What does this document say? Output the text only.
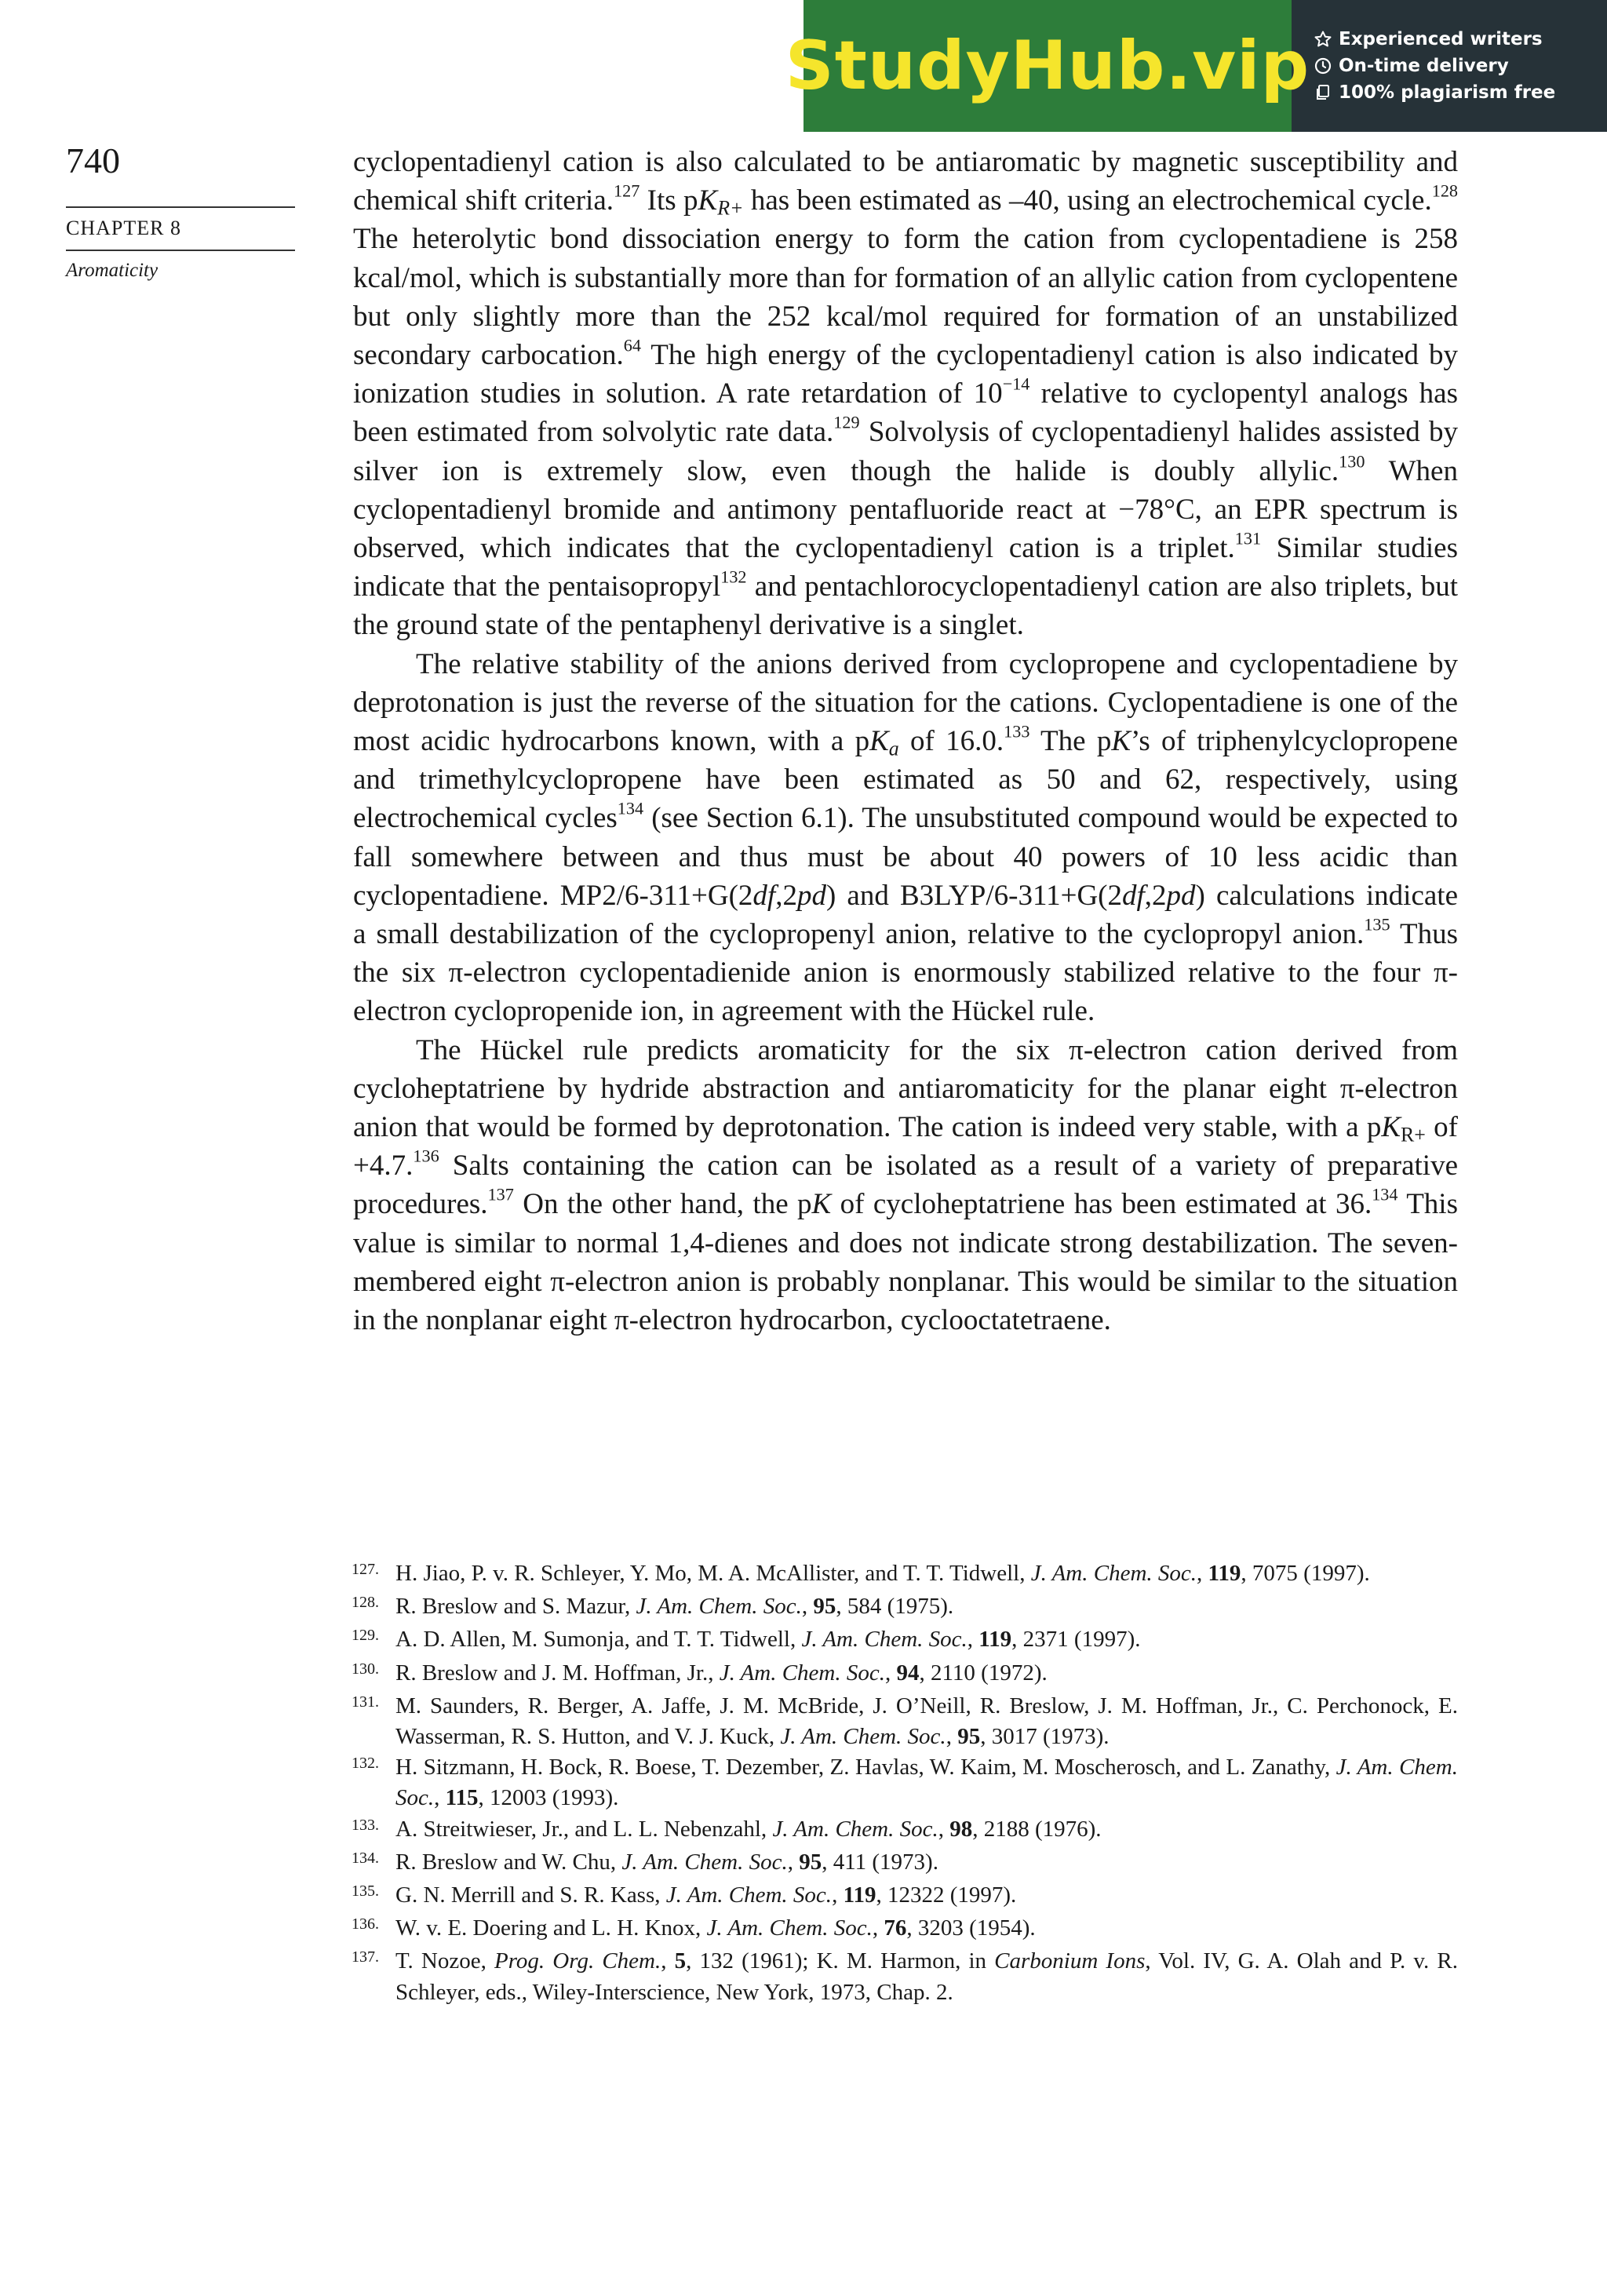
StudyHub.vip Experienced writers
On-time delivery
100% plagiarism free
740
CHAPTER 8
Aromaticity

cyclopentadienyl cation is also calculated to be antiaromatic by magnetic susceptibility and chemical shift criteria.$^{127}$ Its $pK_{R+}$ has been estimated as –40, using an electrochemical cycle.$^{128}$ The heterolytic bond dissociation energy to form the cation from cyclopentadiene is 258 kcal/mol, which is substantially more than for formation of an allylic cation from cyclopentene but only slightly more than the 252 kcal/mol required for formation of an unstabilized secondary carbocation.$^{64}$ The high energy of the cyclopentadienyl cation is also indicated by ionization studies in solution. A rate retardation of $10^{-14}$ relative to cyclopentyl analogs has been estimated from solvolytic rate data.$^{129}$ Solvolysis of cyclopentadienyl halides assisted by silver ion is extremely slow, even though the halide is doubly allylic.$^{130}$ When cyclopentadienyl bromide and antimony pentafluoride react at −78°C, an EPR spectrum is observed, which indicates that the cyclopentadienyl cation is a triplet.$^{131}$ Similar studies indicate that the pentaisopropyl$^{132}$ and pentachlorocyclopentadienyl cation are also triplets, but the ground state of the pentaphenyl derivative is a singlet.

The relative stability of the anions derived from cyclopropene and cyclopentadiene by deprotonation is just the reverse of the situation for the cations. Cyclopentadiene is one of the most acidic hydrocarbons known, with a $pK_a$ of 16.0.$^{133}$ The pK’s of triphenylcyclopropene and trimethylcyclopropene have been estimated as 50 and 62, respectively, using electrochemical cycles$^{134}$ (see Section 6.1). The unsubstituted compound would be expected to fall somewhere between and thus must be about 40 powers of 10 less acidic than cyclopentadiene. MP2/6-311+G(2df,2pd) and B3LYP/6-311+G(2df,2pd) calculations indicate a small destabilization of the cyclopropenyl anion, relative to the cyclopropyl anion.$^{135}$ Thus the six π-electron cyclopentadienide anion is enormously stabilized relative to the four π-electron cyclopropenide ion, in agreement with the Hückel rule.

The Hückel rule predicts aromaticity for the six π-electron cation derived from cycloheptatriene by hydride abstraction and antiaromaticity for the planar eight π-electron anion that would be formed by deprotonation. The cation is indeed very stable, with a $pK_{R+}$ of +4.7.$^{136}$ Salts containing the cation can be isolated as a result of a variety of preparative procedures.$^{137}$ On the other hand, the pK of cycloheptatriene has been estimated at 36.$^{134}$ This value is similar to normal 1,4-dienes and does not indicate strong destabilization. The seven-membered eight π-electron anion is probably nonplanar. This would be similar to the situation in the nonplanar eight π-electron hydrocarbon, cyclooctatetraene.

127. H. Jiao, P. v. R. Schleyer, Y. Mo, M. A. McAllister, and T. T. Tidwell, J. Am. Chem. Soc., 119, 7075 (1997).
128. R. Breslow and S. Mazur, J. Am. Chem. Soc., 95, 584 (1975).
129. A. D. Allen, M. Sumonja, and T. T. Tidwell, J. Am. Chem. Soc., 119, 2371 (1997).
130. R. Breslow and J. M. Hoffman, Jr., J. Am. Chem. Soc., 94, 2110 (1972).
131. M. Saunders, R. Berger, A. Jaffe, J. M. McBride, J. O’Neill, R. Breslow, J. M. Hoffman, Jr., C. Perchonock, E. Wasserman, R. S. Hutton, and V. J. Kuck, J. Am. Chem. Soc., 95, 3017 (1973).
132. H. Sitzmann, H. Bock, R. Boese, T. Dezember, Z. Havlas, W. Kaim, M. Moscherosch, and L. Zanathy, J. Am. Chem. Soc., 115, 12003 (1993).
133. A. Streitwieser, Jr., and L. L. Nebenzahl, J. Am. Chem. Soc., 98, 2188 (1976).
134. R. Breslow and W. Chu, J. Am. Chem. Soc., 95, 411 (1973).
135. G. N. Merrill and S. R. Kass, J. Am. Chem. Soc., 119, 12322 (1997).
136. W. v. E. Doering and L. H. Knox, J. Am. Chem. Soc., 76, 3203 (1954).
137. T. Nozoe, Prog. Org. Chem., 5, 132 (1961); K. M. Harmon, in Carbonium Ions, Vol. IV, G. A. Olah and P. v. R. Schleyer, eds., Wiley-Interscience, New York, 1973, Chap. 2.
